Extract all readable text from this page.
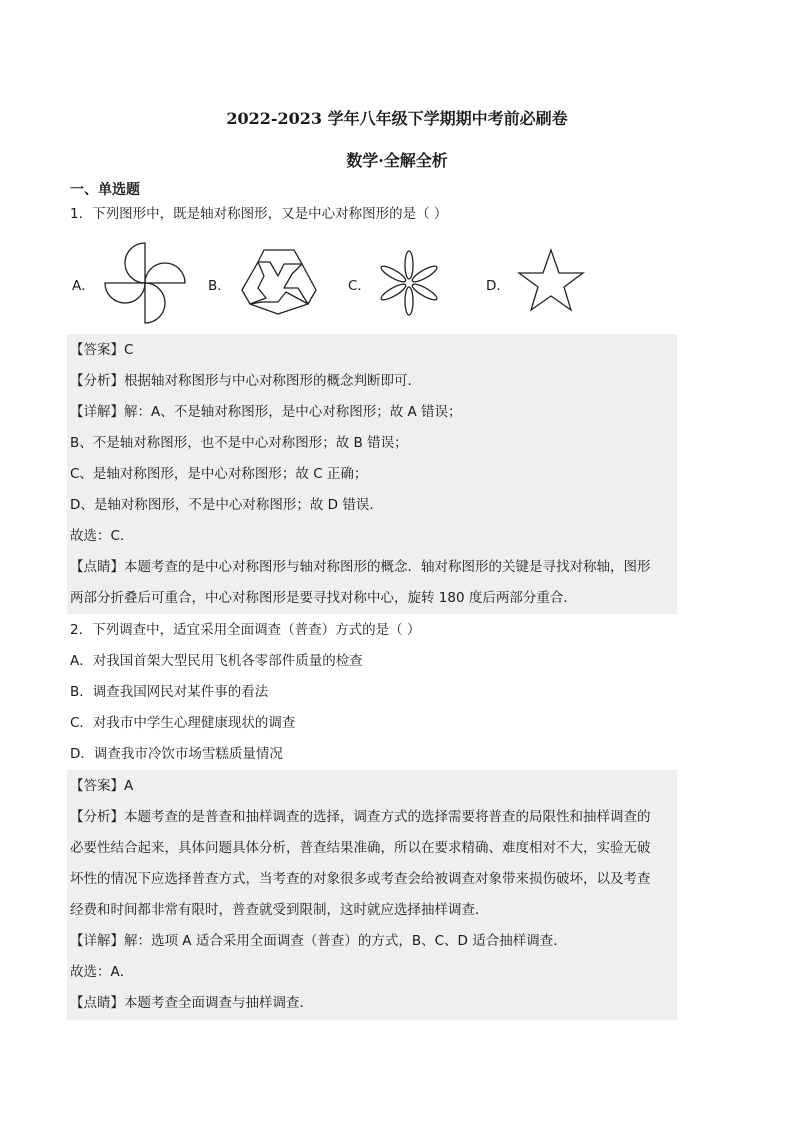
2022-2023 学年八年级下学期期中考前必刷卷
数学·全解全析
一、单选题
1．下列图形中，既是轴对称图形，又是中心对称图形的是（ ）
A．	B．	C．	D．
【答案】C
【分析】根据轴对称图形与中心对称图形的概念判断即可．
【详解】解：A、不是轴对称图形，是中心对称图形；故 A 错误；
B、不是轴对称图形，也不是中心对称图形；故 B 错误；
C、是轴对称图形，是中心对称图形；故 C 正确；
D、是轴对称图形，不是中心对称图形；故 D 错误.
故选：C.
【点睛】本题考查的是中心对称图形与轴对称图形的概念．轴对称图形的关键是寻找对称轴，图形
两部分折叠后可重合，中心对称图形是要寻找对称中心，旋转 180 度后两部分重合．
2．下列调查中，适宜采用全面调查（普查）方式的是（ ）
A．对我国首架大型民用飞机各零部件质量的检查
B．调查我国网民对某件事的看法
C．对我市中学生心理健康现状的调查
D．调查我市冷饮市场雪糕质量情况
【答案】A
【分析】本题考查的是普查和抽样调查的选择，调查方式的选择需要将普查的局限性和抽样调查的
必要性结合起来，具体问题具体分析，普查结果准确，所以在要求精确、难度相对不大，实验无破
坏性的情况下应选择普查方式，当考查的对象很多或考查会给被调查对象带来损伤破坏，以及考查
经费和时间都非常有限时，普查就受到限制，这时就应选择抽样调查．
【详解】解：选项 A 适合采用全面调查（普查）的方式，B、C、D 适合抽样调查．
故选：A．
【点睛】本题考查全面调查与抽样调查．
